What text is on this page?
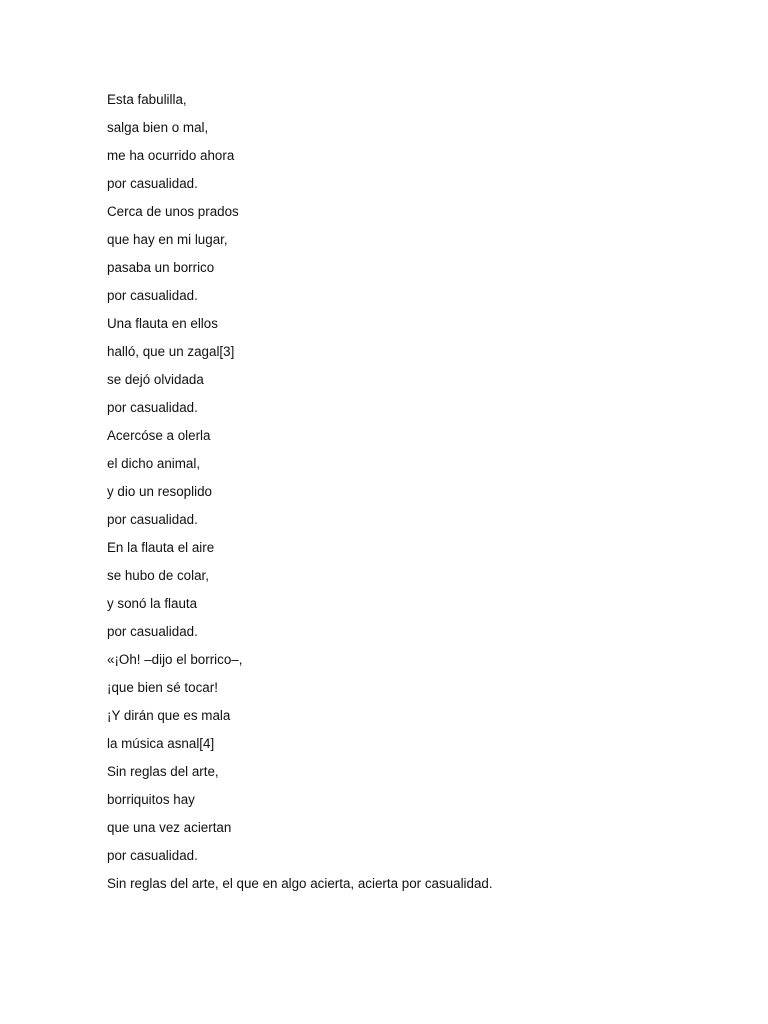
Esta fabulilla,
salga bien o mal,
me ha ocurrido ahora
por casualidad.
Cerca de unos prados
que hay en mi lugar,
pasaba un borrico
por casualidad.
Una flauta en ellos
halló, que un zagal[3]
se dejó olvidada
por casualidad.
Acercóse a olerla
el dicho animal,
y dio un resoplido
por casualidad.
En la flauta el aire
se hubo de colar,
y sonó la flauta
por casualidad.
«¡Oh! –dijo el borrico–,
¡que bien sé tocar!
¡Y dirán que es mala
la música asnal[4]
Sin reglas del arte,
borriquitos hay
que una vez aciertan
por casualidad.
Sin reglas del arte, el que en algo acierta, acierta por casualidad.
